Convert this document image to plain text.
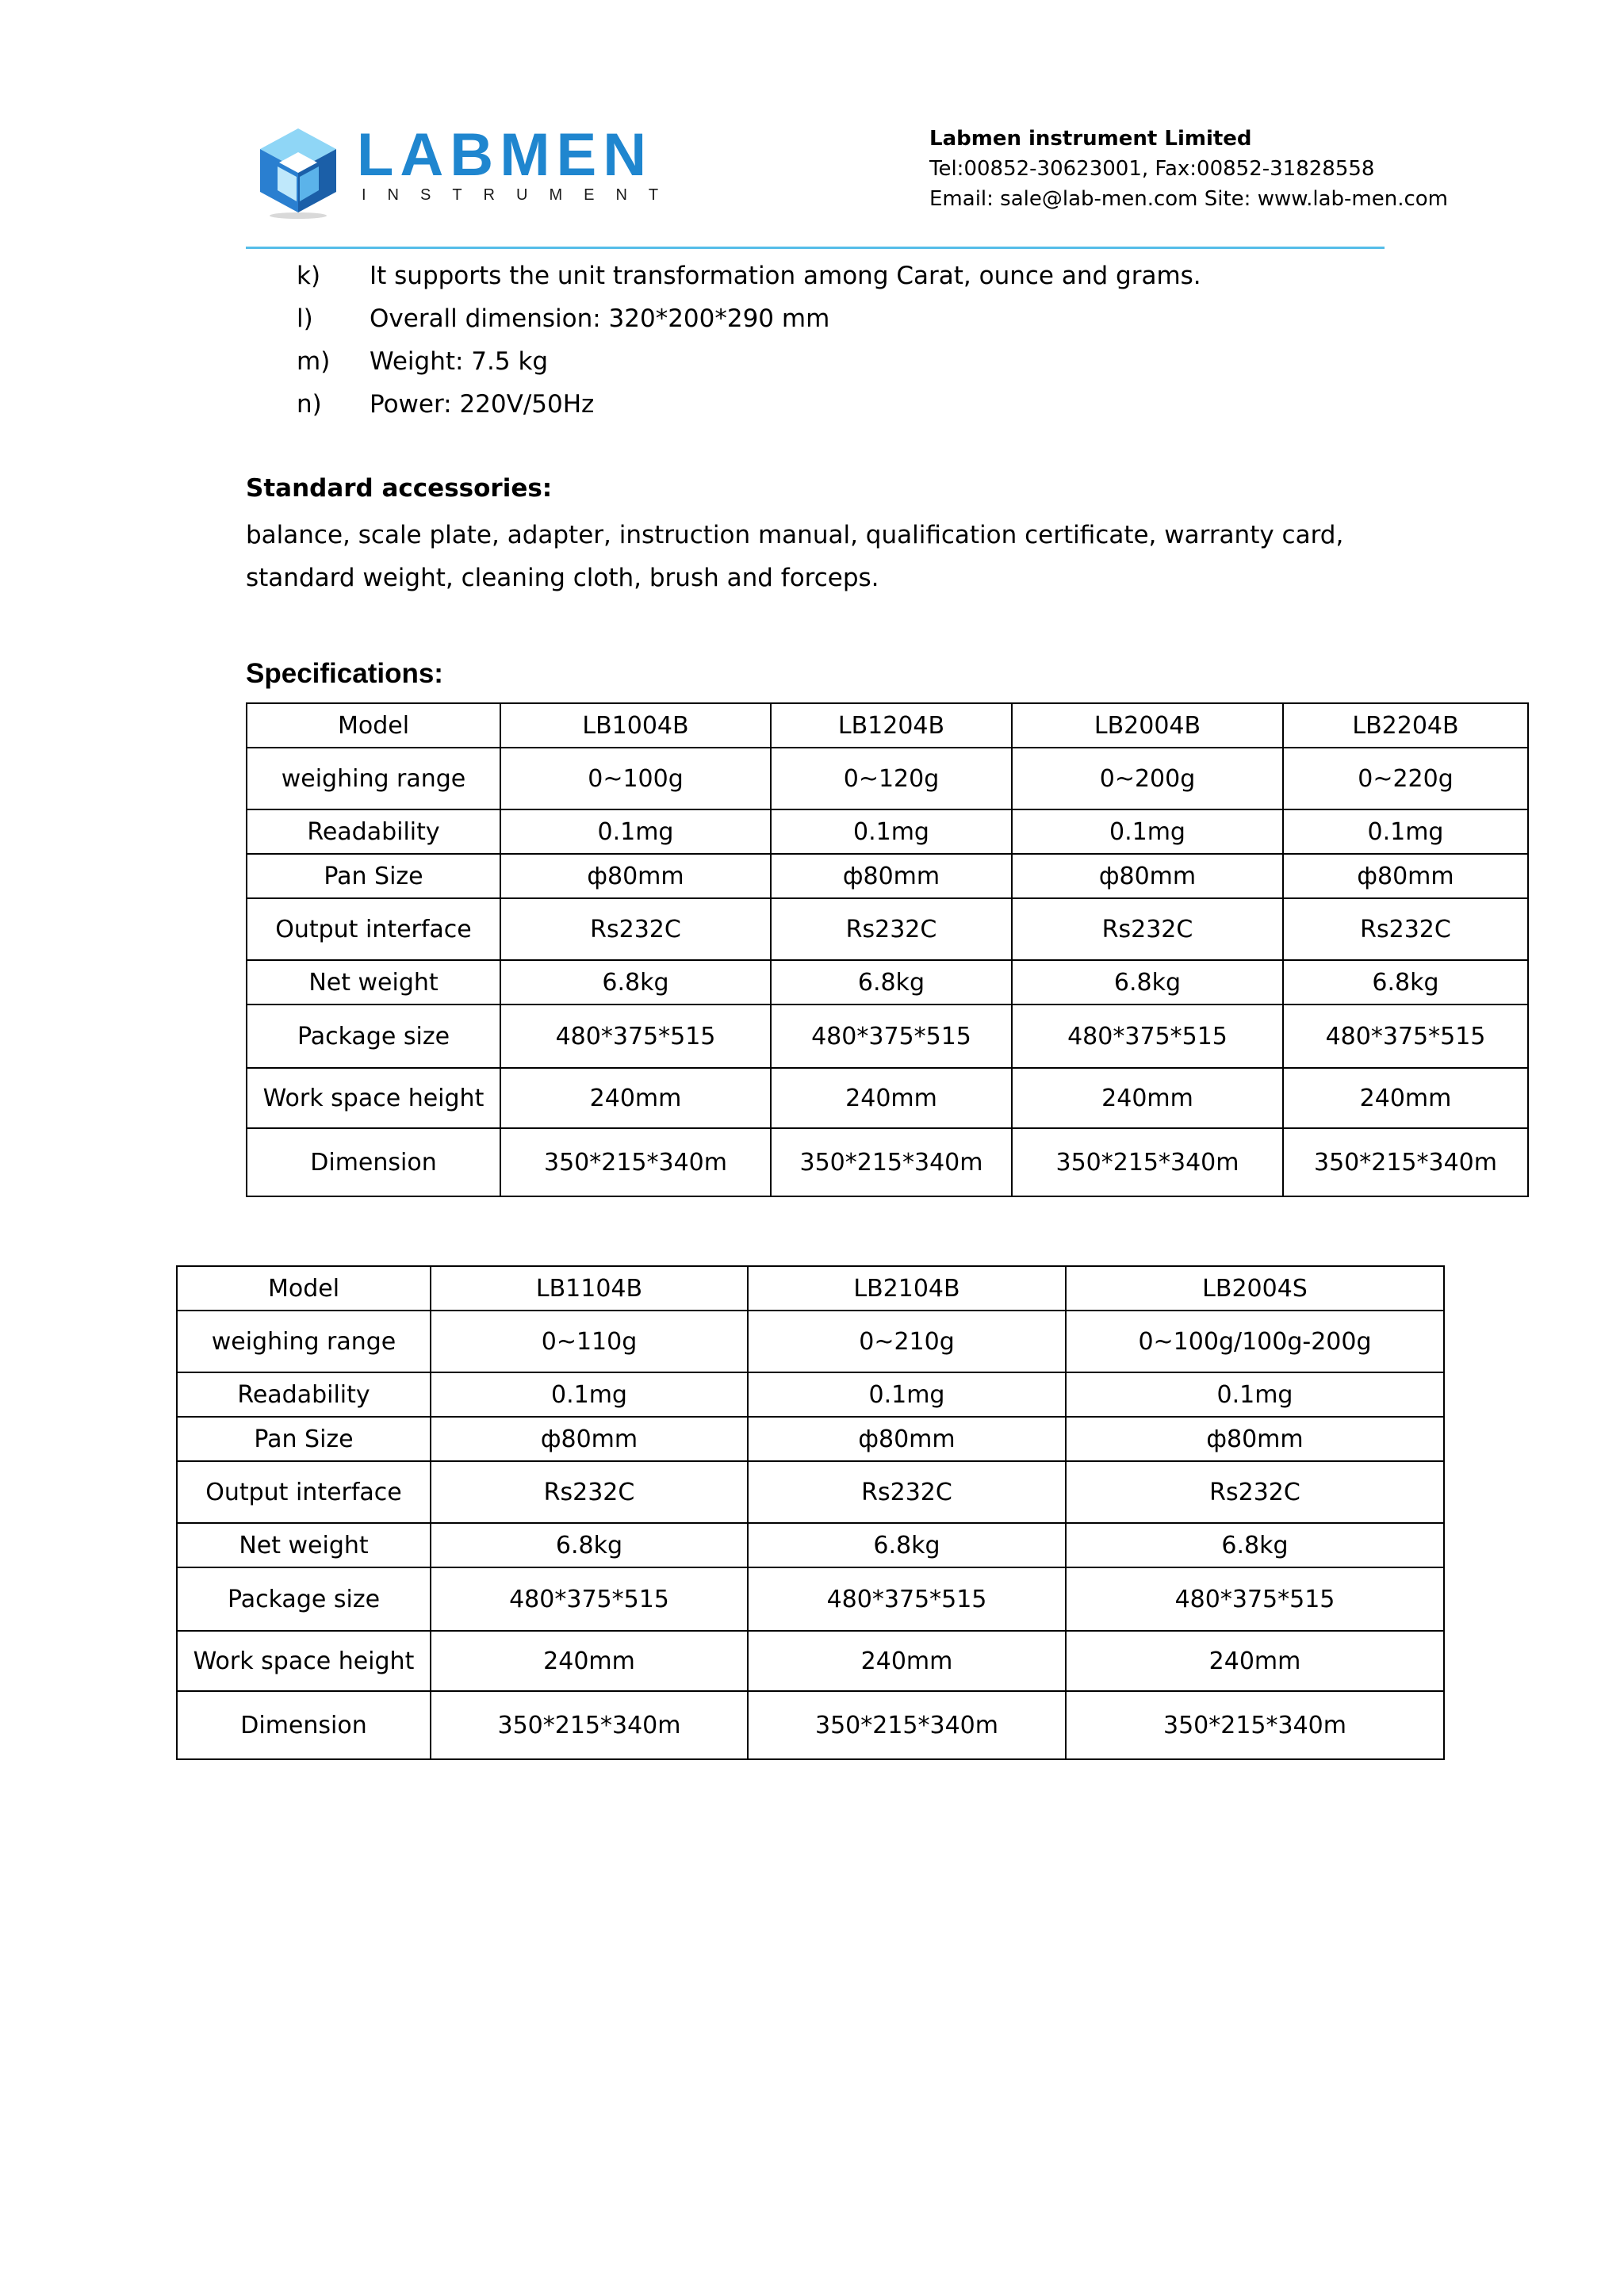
LABMEN
INSTRUMENT
Labmen instrument Limited
Tel:00852-30623001, Fax:00852-31828558
Email: sale@lab-men.com Site: www.lab-men.com
k) It supports the unit transformation among Carat, ounce and grams.
l) Overall dimension: 320*200*290 mm
m) Weight: 7.5 kg
n) Power: 220V/50Hz
Standard accessories:
balance, scale plate, adapter, instruction manual, qualification certificate, warranty card, standard weight, cleaning cloth, brush and forceps.
Specifications:
Model	LB1004B	LB1204B	LB2004B	LB2204B
weighing range	0~100g	0~120g	0~200g	0~220g
Readability	0.1mg	0.1mg	0.1mg	0.1mg
Pan Size	ф80mm	ф80mm	ф80mm	ф80mm
Output interface	Rs232C	Rs232C	Rs232C	Rs232C
Net weight	6.8kg	6.8kg	6.8kg	6.8kg
Package size	480*375*515	480*375*515	480*375*515	480*375*515
Work space height	240mm	240mm	240mm	240mm
Dimension	350*215*340m	350*215*340m	350*215*340m	350*215*340m
Model	LB1104B	LB2104B	LB2004S
weighing range	0~110g	0~210g	0~100g/100g-200g
Readability	0.1mg	0.1mg	0.1mg
Pan Size	ф80mm	ф80mm	ф80mm
Output interface	Rs232C	Rs232C	Rs232C
Net weight	6.8kg	6.8kg	6.8kg
Package size	480*375*515	480*375*515	480*375*515
Work space height	240mm	240mm	240mm
Dimension	350*215*340m	350*215*340m	350*215*340m
